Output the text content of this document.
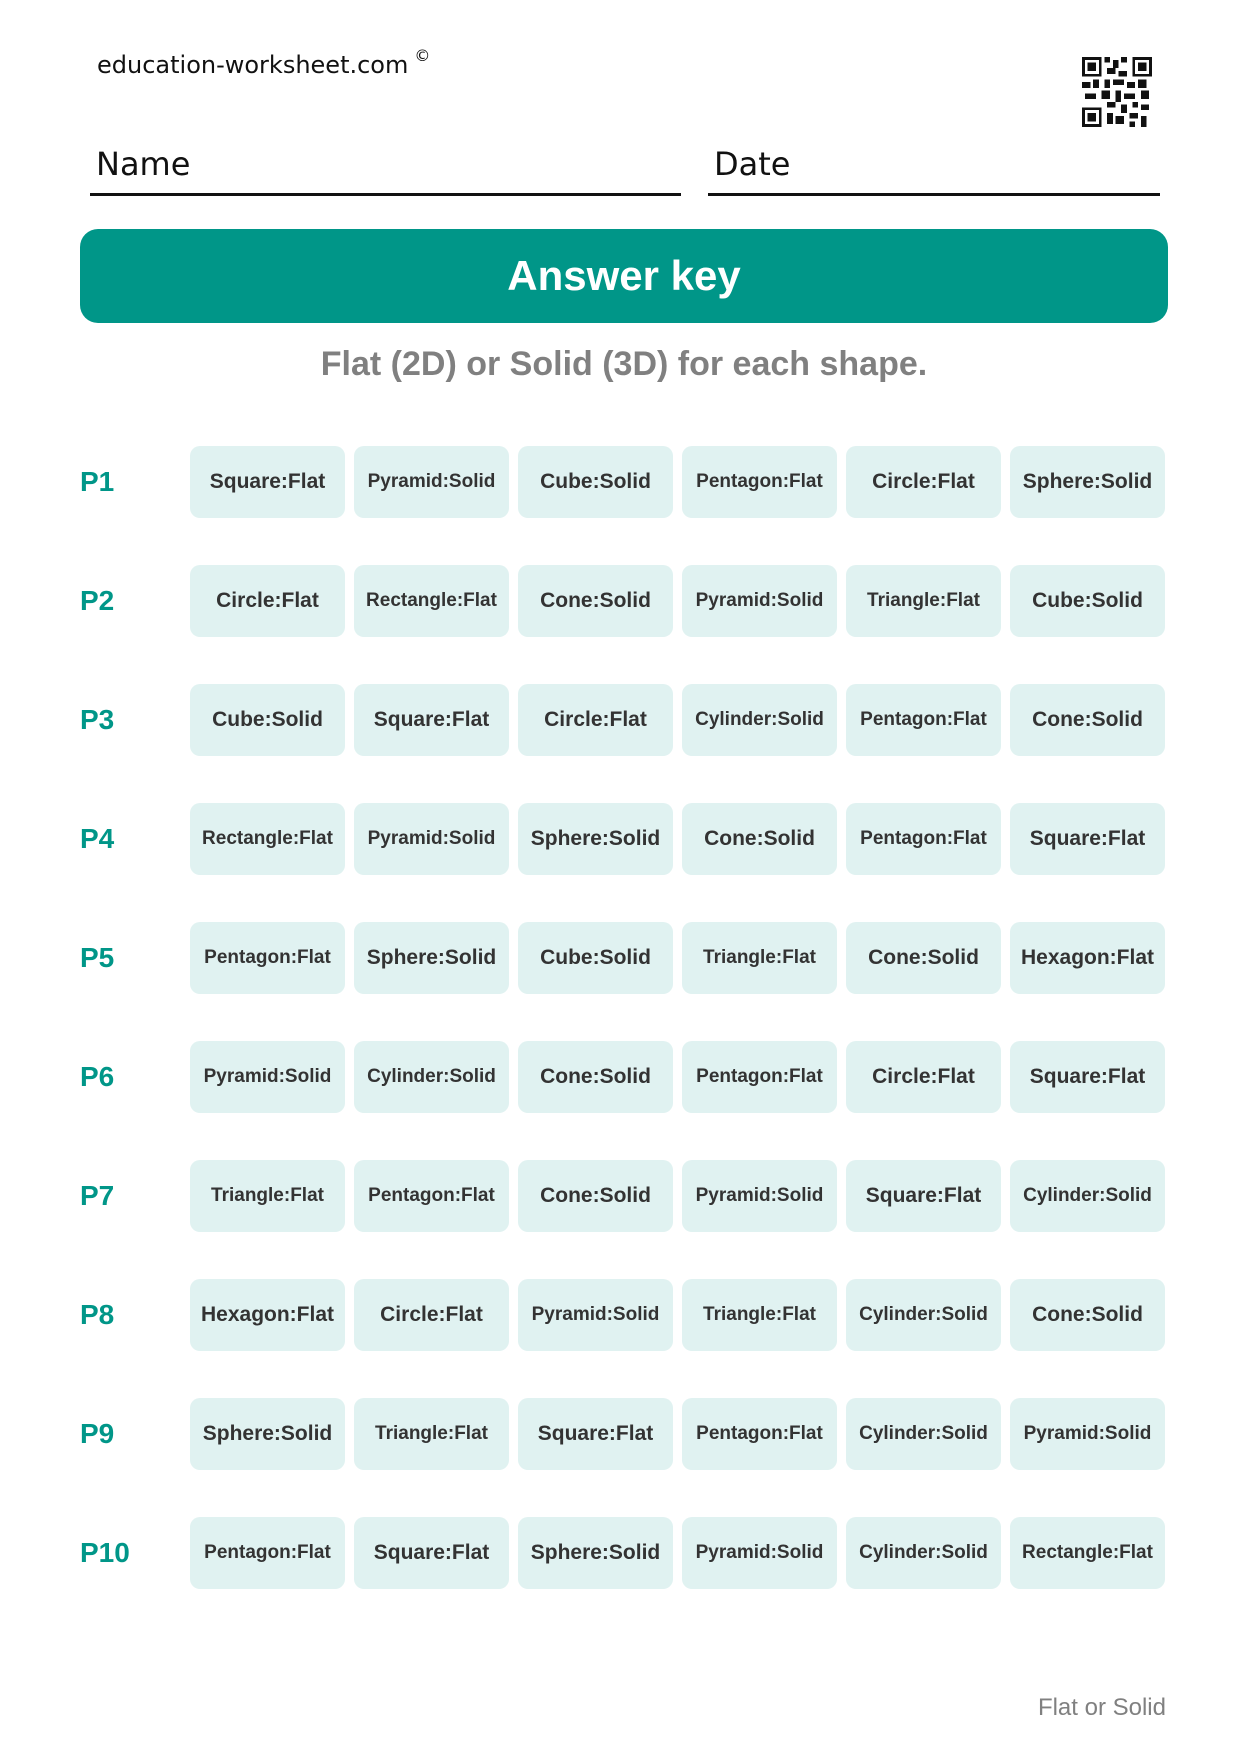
education-worksheet.com ©
Name	Date
Answer key
Flat (2D) or Solid (3D) for each shape.
P1	Square:Flat	Pyramid:Solid	Cube:Solid	Pentagon:Flat	Circle:Flat	Sphere:Solid
P2	Circle:Flat	Rectangle:Flat	Cone:Solid	Pyramid:Solid	Triangle:Flat	Cube:Solid
P3	Cube:Solid	Square:Flat	Circle:Flat	Cylinder:Solid	Pentagon:Flat	Cone:Solid
P4	Rectangle:Flat	Pyramid:Solid	Sphere:Solid	Cone:Solid	Pentagon:Flat	Square:Flat
P5	Pentagon:Flat	Sphere:Solid	Cube:Solid	Triangle:Flat	Cone:Solid	Hexagon:Flat
P6	Pyramid:Solid	Cylinder:Solid	Cone:Solid	Pentagon:Flat	Circle:Flat	Square:Flat
P7	Triangle:Flat	Pentagon:Flat	Cone:Solid	Pyramid:Solid	Square:Flat	Cylinder:Solid
P8	Hexagon:Flat	Circle:Flat	Pyramid:Solid	Triangle:Flat	Cylinder:Solid	Cone:Solid
P9	Sphere:Solid	Triangle:Flat	Square:Flat	Pentagon:Flat	Cylinder:Solid	Pyramid:Solid
P10	Pentagon:Flat	Square:Flat	Sphere:Solid	Pyramid:Solid	Cylinder:Solid	Rectangle:Flat
Flat or Solid
